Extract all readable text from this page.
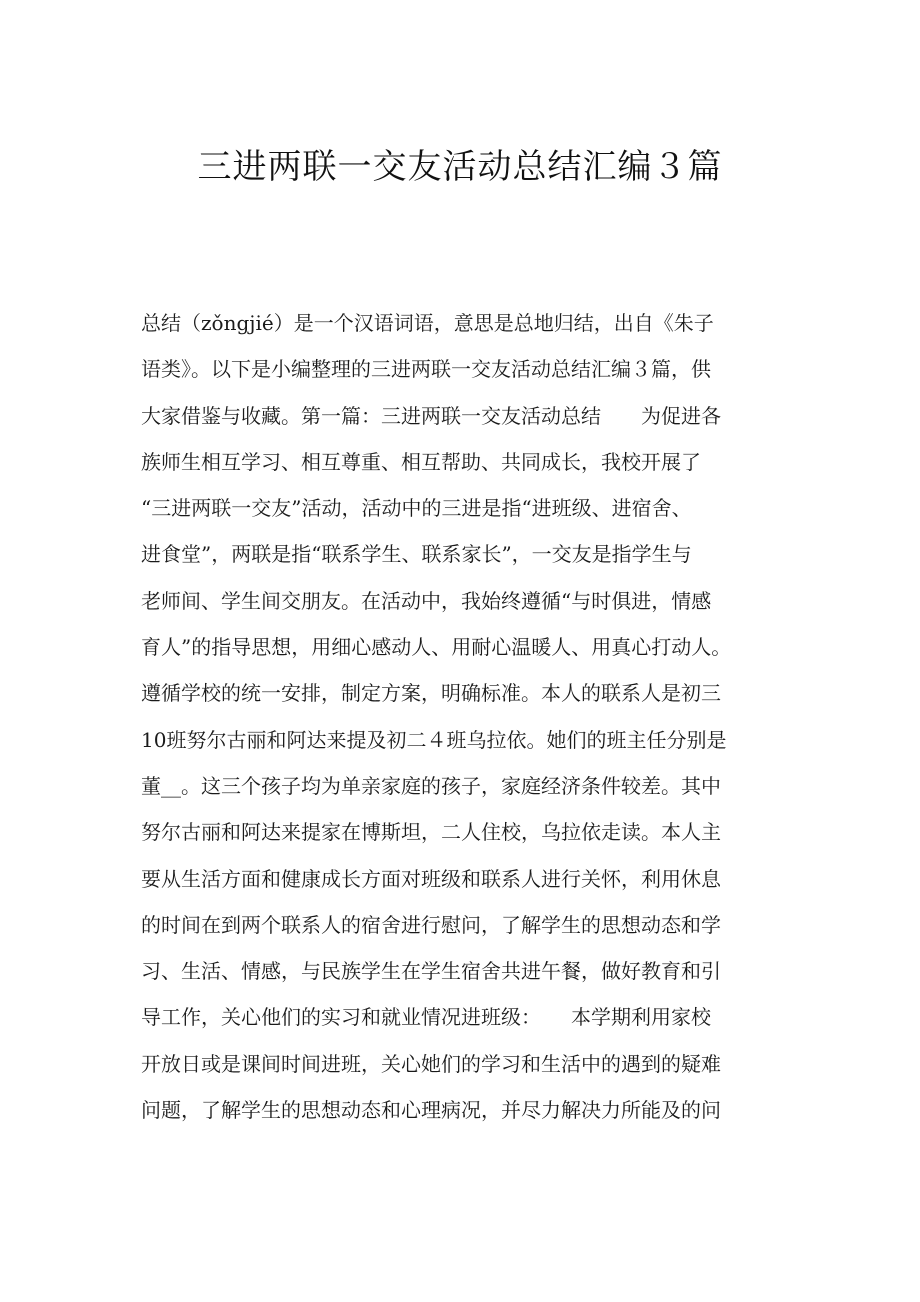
三进两联一交友活动总结汇编３篇
总结（zǒngjié）是一个汉语词语，意思是总地归结，出自《朱子
语类》。以下是小编整理的三进两联一交友活动总结汇编３篇，供
大家借鉴与收藏。第一篇：三进两联一交友活动总结　　为促进各
族师生相互学习、相互尊重、相互帮助、共同成长，我校开展了
“三进两联一交友”活动，活动中的三进是指“进班级、进宿舍、
进食堂”，两联是指“联系学生、联系家长”，一交友是指学生与
老师间、学生间交朋友。在活动中，我始终遵循“与时俱进，情感
育人”的指导思想，用细心感动人、用耐心温暖人、用真心打动人。
遵循学校的统一安排，制定方案，明确标准。本人的联系人是初三
10班努尔古丽和阿达来提及初二４班乌拉依。她们的班主任分别是
董__。这三个孩子均为单亲家庭的孩子，家庭经济条件较差。其中
努尔古丽和阿达来提家在博斯坦，二人住校，乌拉依走读。本人主
要从生活方面和健康成长方面对班级和联系人进行关怀，利用休息
的时间在到两个联系人的宿舍进行慰问，了解学生的思想动态和学
习、生活、情感，与民族学生在学生宿舍共进午餐，做好教育和引
导工作，关心他们的实习和就业情况进班级：　　本学期利用家校
开放日或是课间时间进班，关心她们的学习和生活中的遇到的疑难
问题，了解学生的思想动态和心理病况，并尽力解决力所能及的问
